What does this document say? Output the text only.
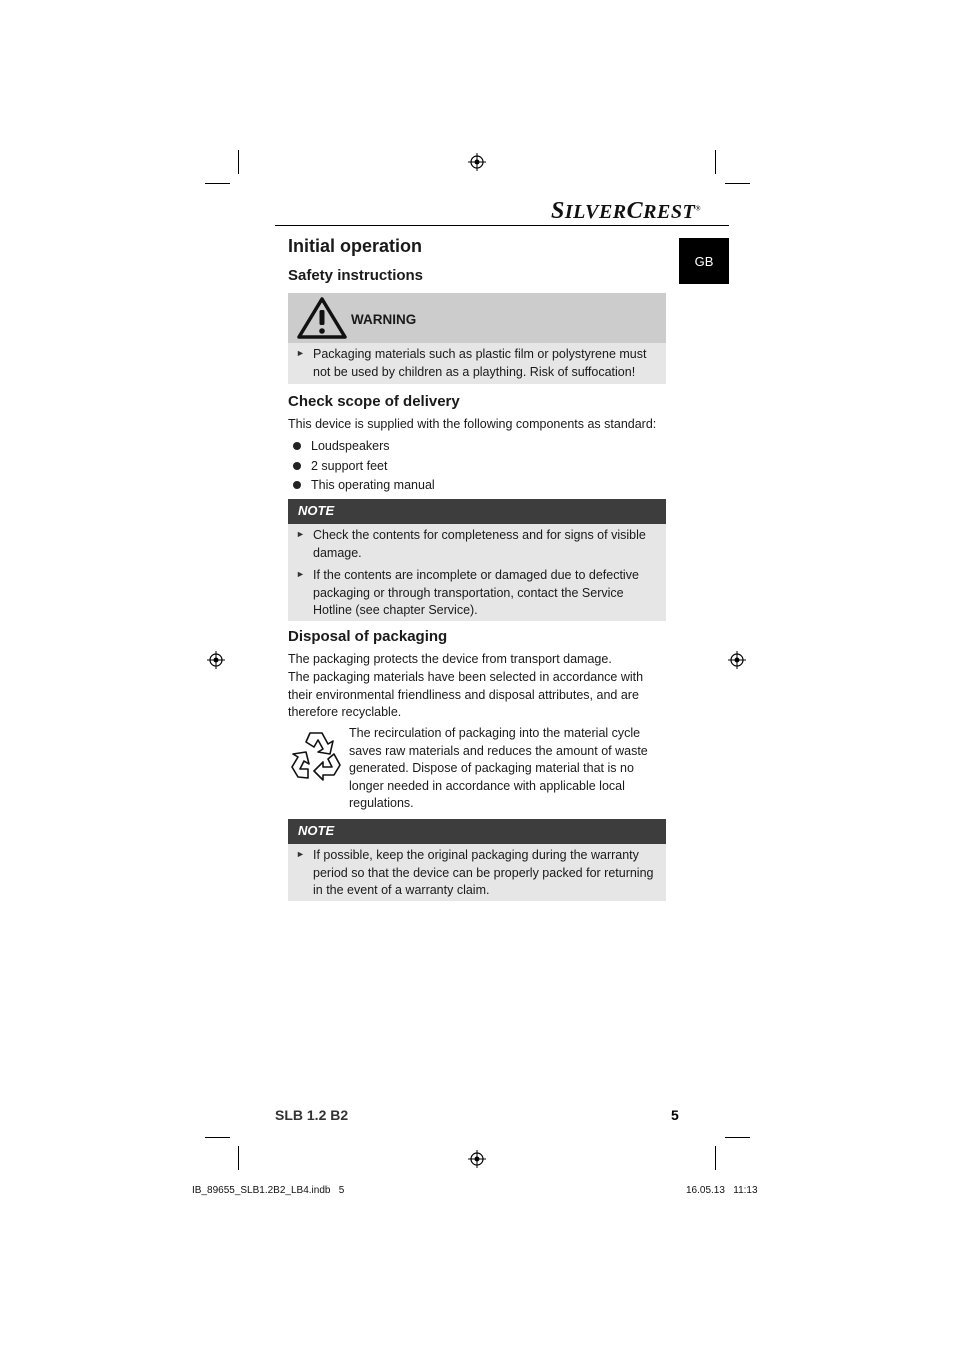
SILVERCREST®
GB
Initial operation
Safety instructions
WARNING
► Packaging materials such as plastic film or polystyrene must not be used by children as a plaything. Risk of suffocation!
Check scope of delivery

This device is supplied with the following components as standard:

Loudspeakers
2 support feet
This operating manual
NOTE
► Check the contents for completeness and for signs of visible damage.
► If the contents are incomplete or damaged due to defective packaging or through transportation, contact the Service Hotline (see chapter Service).
Disposal of packaging

The packaging protects the device from transport damage.

The packaging materials have been selected in accordance with their environmental friendliness and disposal attributes, and are therefore recyclable.

The recirculation of packaging into the material cycle saves raw materials and reduces the amount of waste generated. Dispose of packaging material that is no longer needed in accordance with applicable local regulations.

NOTE
► If possible, keep the original packaging during the warranty period so that the device can be properly packed for returning in the event of a warranty claim.
SLB 1.2 B2	5
IB_89655_SLB1.2B2_LB4.indb   5	16.05.13   11:13
